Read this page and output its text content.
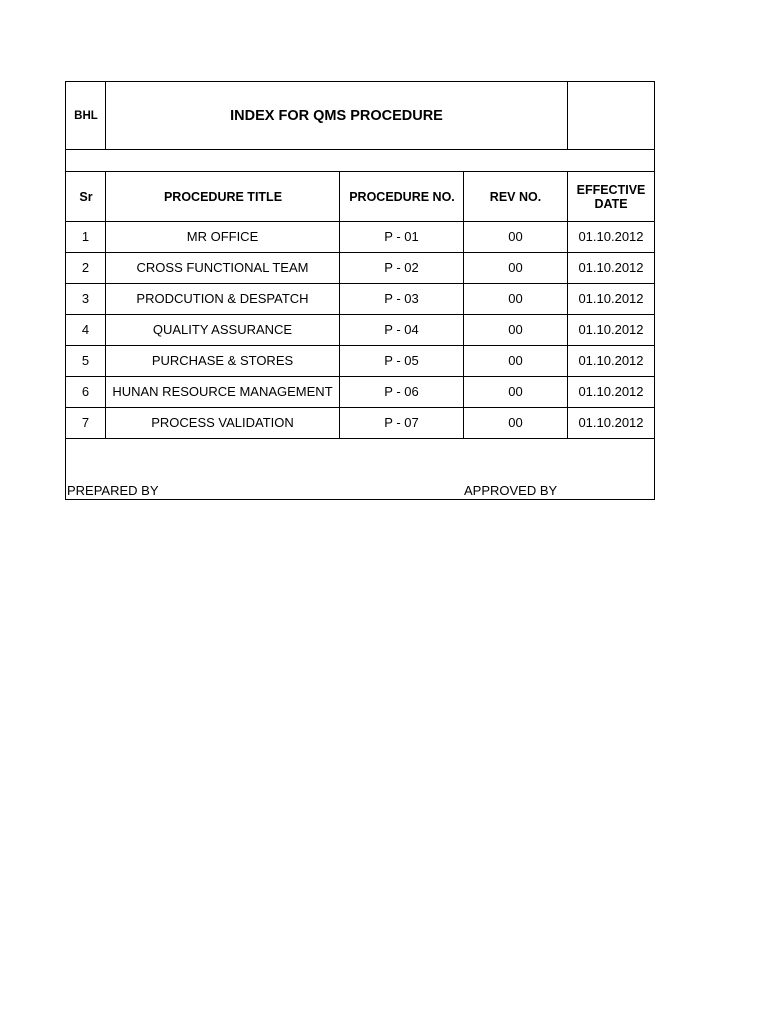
BHL	INDEX FOR QMS PROCEDURE
Sr	PROCEDURE TITLE	PROCEDURE NO.	REV NO.	EFFECTIVE DATE
1	MR OFFICE	P - 01	00	01.10.2012
2	CROSS FUNCTIONAL TEAM	P - 02	00	01.10.2012
3	PRODCUTION & DESPATCH	P - 03	00	01.10.2012
4	QUALITY ASSURANCE	P - 04	00	01.10.2012
5	PURCHASE & STORES	P - 05	00	01.10.2012
6	HUNAN RESOURCE MANAGEMENT	P - 06	00	01.10.2012
7	PROCESS VALIDATION	P - 07	00	01.10.2012
PREPARED BY	APPROVED BY
